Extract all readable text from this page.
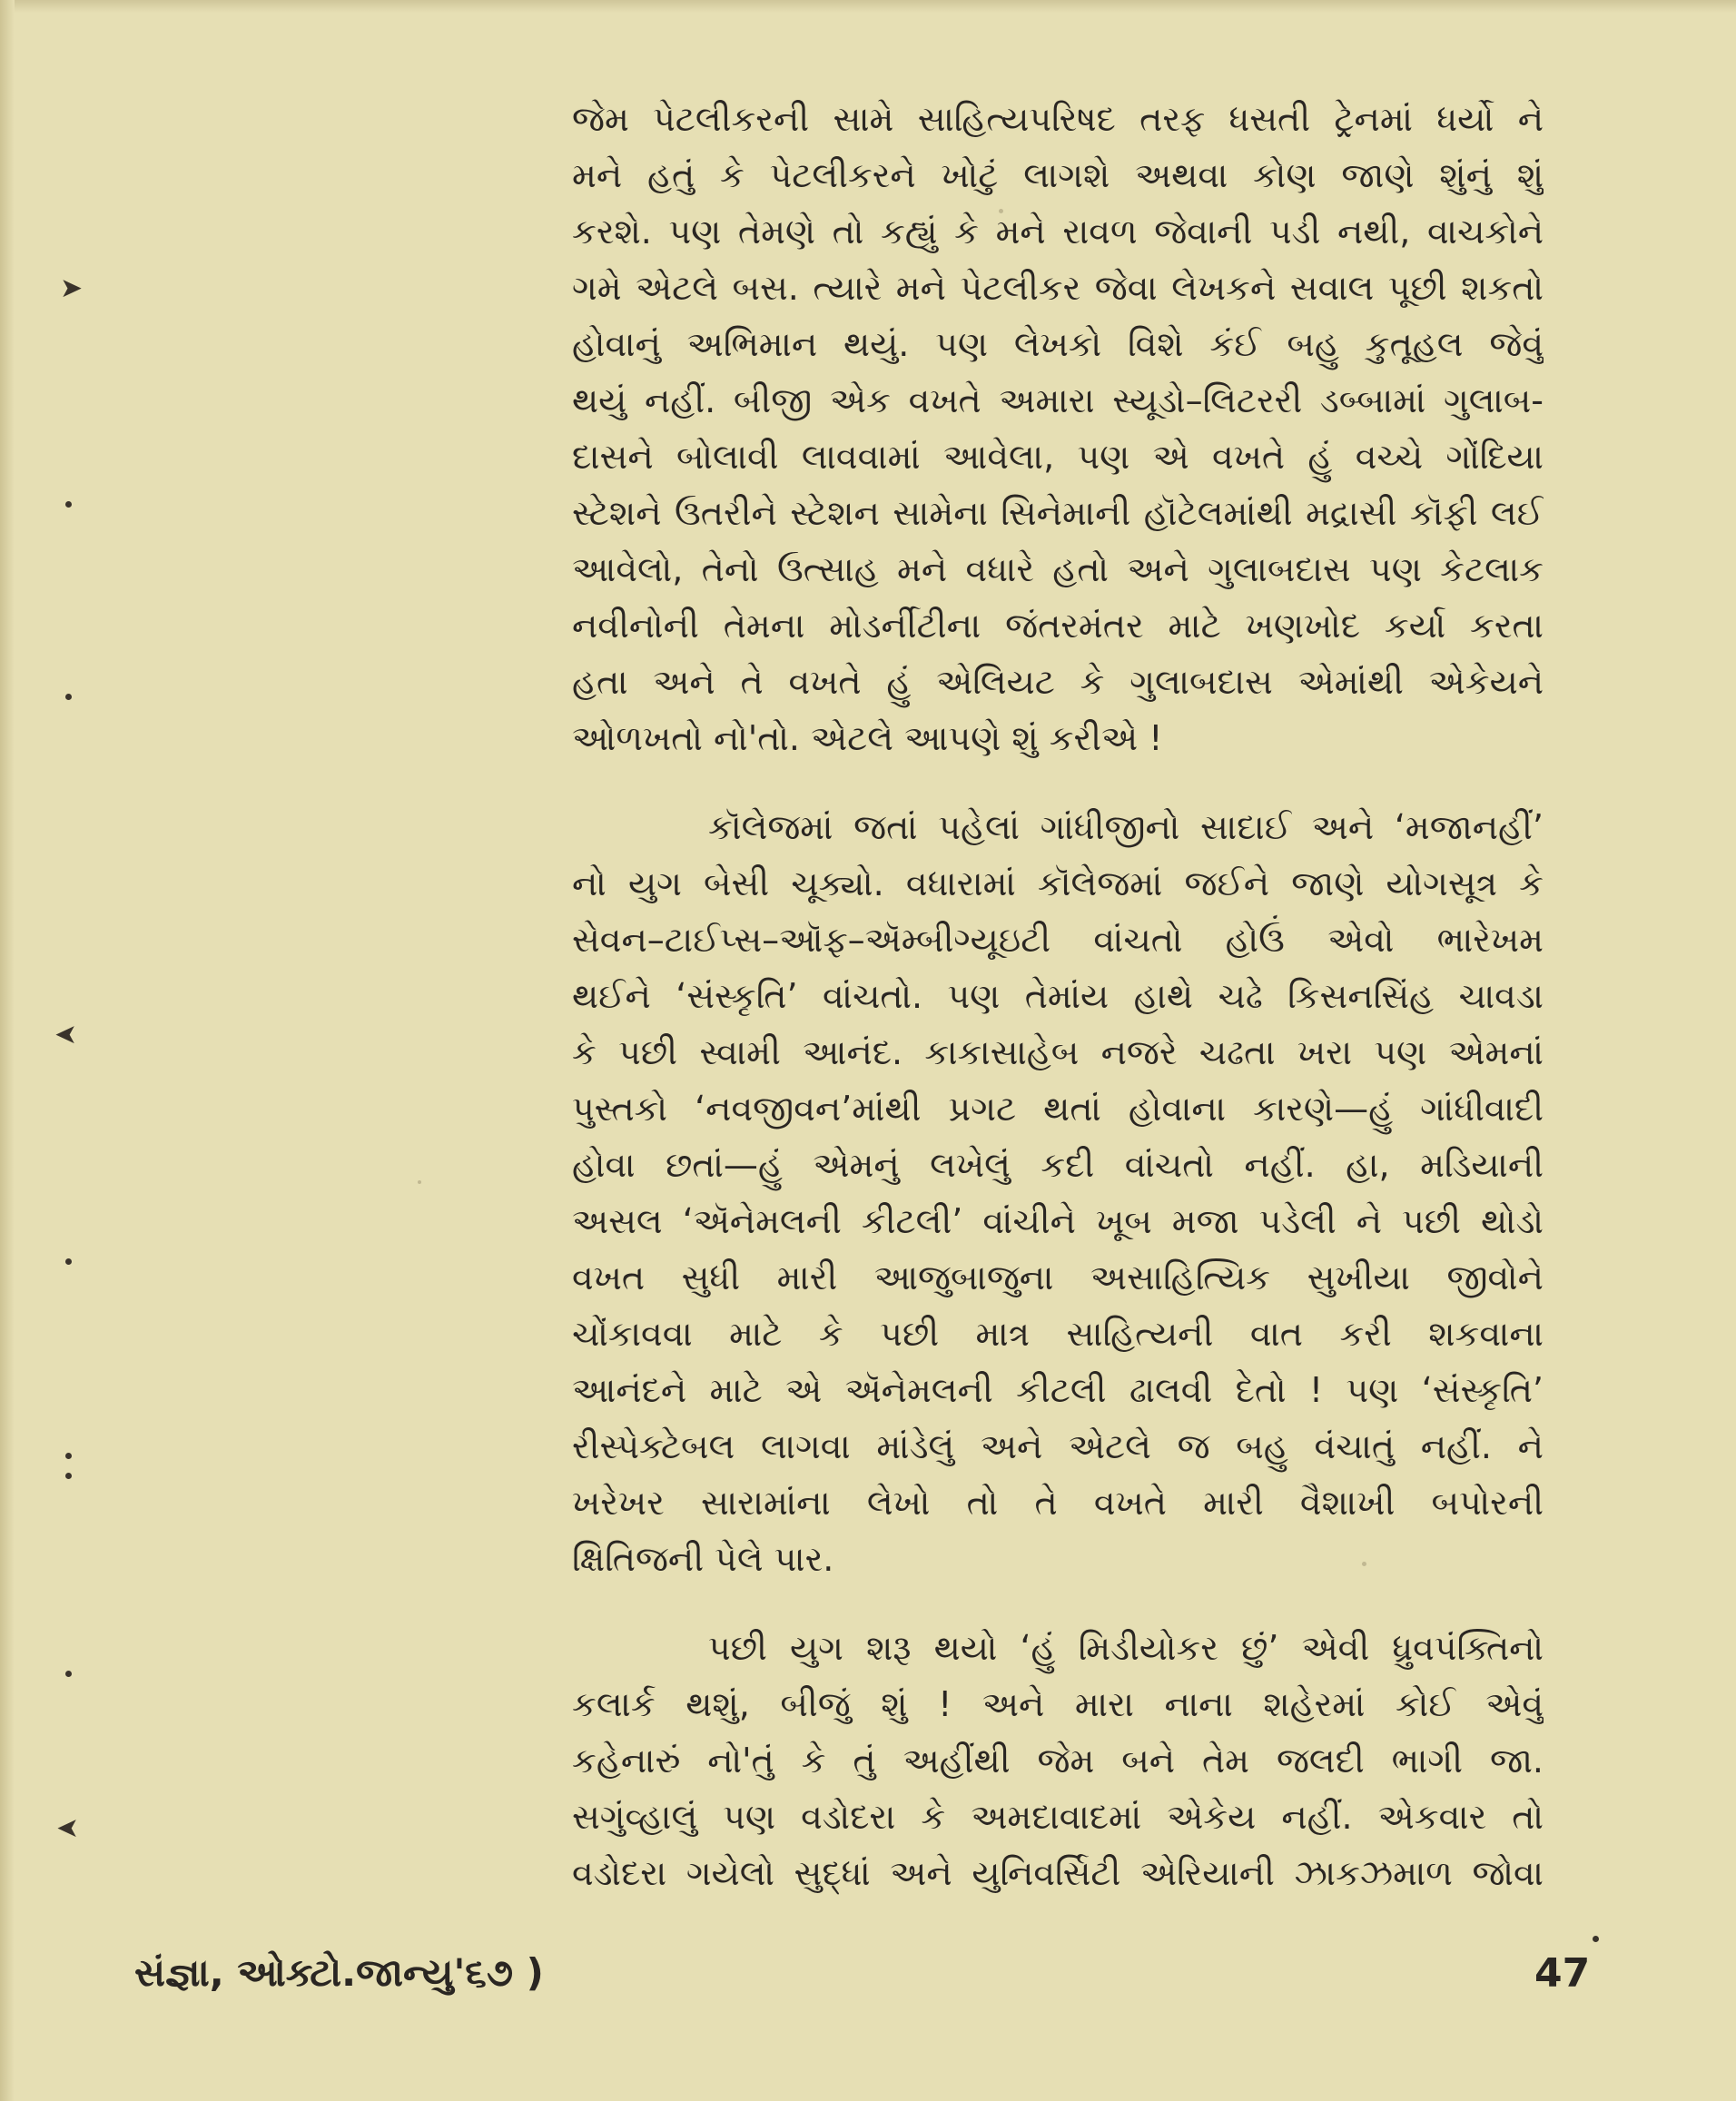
➤
➤
➤
જેમ પેટલીકરની સામે સાહિત્યપરિષદ તરફ ધસતી ટ્રેનમાં ધર્યો ને
મને હતું કે પેટલીકરને ખોટું લાગશે અથવા કોણ જાણે શુંનું શું
કરશે. પણ તેમણે તો કહ્યું કે મને રાવળ જેવાની પડી નથી, વાચકોને
ગમે એટલે બસ. ત્યારે મને પેટલીકર જેવા લેખકને સવાલ પૂછી શકતો
હોવાનું અભિમાન થયું. પણ લેખકો વિશે કંઈ બહુ કુતૂહલ જેવું
થયું નહીં. બીજી એક વખતે અમારા સ્યૂડો–લિટરરી ડબ્બામાં ગુલાબ-
દાસને બોલાવી લાવવામાં આવેલા, પણ એ વખતે હું વચ્ચે ગોંદિયા
સ્ટેશને ઉતરીને સ્ટેશન સામેના સિનેમાની હૉટેલમાંથી મદ્રાસી કૉફી લઈ
આવેલો, તેનો ઉત્સાહ મને વધારે હતો અને ગુલાબદાસ પણ કેટલાક
નવીનોની તેમના મોડર્નીટીના જંતરમંતર માટે ખણખોદ કર્યા કરતા
હતા અને તે વખતે હું એલિયટ કે ગુલાબદાસ એમાંથી એકેયને
ઓળખતો નો'તો. એટલે આપણે શું કરીએ !
કૉલેજમાં જતાં પહેલાં ગાંધીજીનો સાદાઈ અને ‘મજાનહીં’
નો યુગ બેસી ચૂક્યો. વધારામાં કૉલેજમાં જઈને જાણે યોગસૂત્ર કે
સેવન–ટાઈપ્સ–ઑફ–ઍમ્બીગ્યૂઇટી વાંચતો હોઉં એવો ભારેખમ
થઈને ‘સંસ્કૃતિ’ વાંચતો. પણ તેમાંય હાથે ચઢે કિસનસિંહ ચાવડા
કે પછી સ્વામી આનંદ. કાકાસાહેબ નજરે ચઢતા ખરા પણ એમનાં
પુસ્તકો ‘નવજીવન’માંથી પ્રગટ થતાં હોવાના કારણે—હું ગાંધીવાદી
હોવા છતાં—હું એમનું લખેલું કદી વાંચતો નહીં. હા, મડિયાની
અસલ ‘ઍનેમલની કીટલી’ વાંચીને ખૂબ મજા પડેલી ને પછી થોડો
વખત સુધી મારી આજુબાજુના અસાહિત્યિક સુખીયા જીવોને
ચોંકાવવા માટે કે પછી માત્ર સાહિત્યની વાત કરી શકવાના
આનંદને માટે એ ઍનેમલની કીટલી ઢાલવી દેતો ! પણ ‘સંસ્કૃતિ’
રીસ્પેક્ટેબલ લાગવા માંડેલું અને એટલે જ બહુ વંચાતું નહીં. ને
ખરેખર સારામાંના લેખો તો તે વખતે મારી વૈશાખી બપોરની
ક્ષિતિજની પેલે પાર.
પછી યુગ શરૂ થયો ‘હું મિડીયોકર છું’ એવી ધ્રુવપંક્તિનો
કલાર્ક થશું, બીજું શું ! અને મારા નાના શહેરમાં કોઈ એવું
કહેનારું નો'તું કે તું અહીંથી જેમ બને તેમ જલદી ભાગી જા.
સગુંવ્હાલું પણ વડોદરા કે અમદાવાદમાં એકેય નહીં. એકવાર તો
વડોદરા ગયેલો સુદ્ધાં અને યુનિવર્સિટી એરિયાની ઝાકઝમાળ જોવા
સંજ્ઞા, ઓક્ટો.જાન્યુ'૬૭ )	47
